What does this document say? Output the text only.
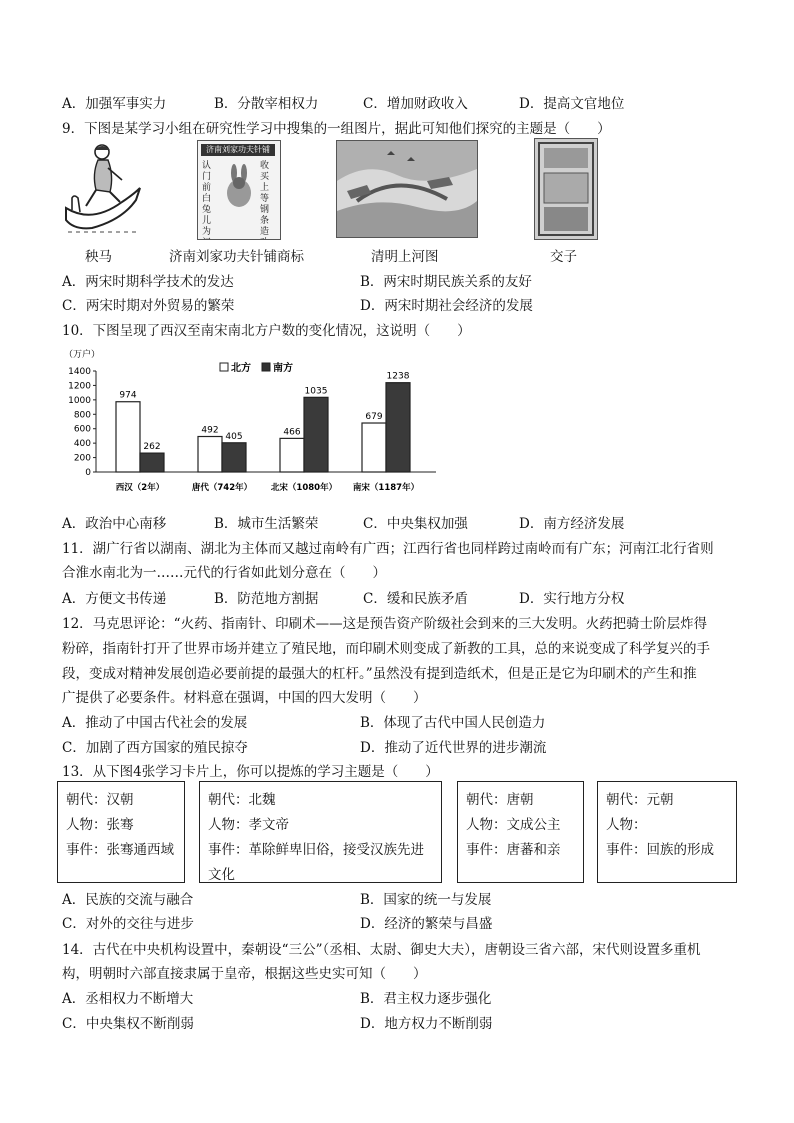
A．加强军事实力	B．分散宰相权力	C．增加财政收入	D．提高文官地位
9．下图是某学习小组在研究性学习中搜集的一组图片，据此可知他们探究的主题是（　　）
济南刘家功夫针铺
认门前白兔儿为
收买上等钢条造
秧马	济南刘家功夫针铺商标	清明上河图	交子
A．两宋时期科学技术的发达	B．两宋时期民族关系的友好
C．两宋时期对外贸易的繁荣	D．两宋时期社会经济的发展
10．下图呈现了西汉至南宋南北方户数的变化情况，这说明（　　）
（万户）
0
200
400
600
800
1000
1200
1400	北方 南方
974
262
西汉（2年）
492
405
唐代（742年）
466
1035
北宋（1080年）
679
1238
南宋（1187年）
A．政治中心南移	B．城市生活繁荣	C．中央集权加强	D．南方经济发展
11．湖广行省以湖南、湖北为主体而又越过南岭有广西；江西行省也同样跨过南岭而有广东；河南江北行省则
合淮水南北为一……元代的行省如此划分意在（　　）
A．方便文书传递	B．防范地方割据	C．缓和民族矛盾	D．实行地方分权
12．马克思评论：“火药、指南针、印刷术——这是预告资产阶级社会到来的三大发明。火药把骑士阶层炸得
粉碎，指南针打开了世界市场并建立了殖民地，而印刷术则变成了新教的工具，总的来说变成了科学复兴的手
段，变成对精神发展创造必要前提的最强大的杠杆。”虽然没有提到造纸术，但是正是它为印刷术的产生和推
广提供了必要条件。材料意在强调，中国的四大发明（　　）
A．推动了中国古代社会的发展	B．体现了古代中国人民创造力
C．加剧了西方国家的殖民掠夺	D．推动了近代世界的进步潮流
13．从下图4张学习卡片上，你可以提炼的学习主题是（　　）
朝代：汉朝
人物：张骞
事件：张骞通西域
朝代：北魏
人物：孝文帝
事件：革除鲜卑旧俗，接受汉族先进文化
朝代：唐朝
人物：文成公主
事件：唐蕃和亲
朝代：元朝
人物：
事件：回族的形成
A．民族的交流与融合	B．国家的统一与发展
C．对外的交往与进步	D．经济的繁荣与昌盛
14．古代在中央机构设置中，秦朝设“三公”（丞相、太尉、御史大夫），唐朝设三省六部，宋代则设置多重机
构，明朝时六部直接隶属于皇帝，根据这些史实可知（　　）
A．丞相权力不断增大	B．君主权力逐步强化
C．中央集权不断削弱	D．地方权力不断削弱
